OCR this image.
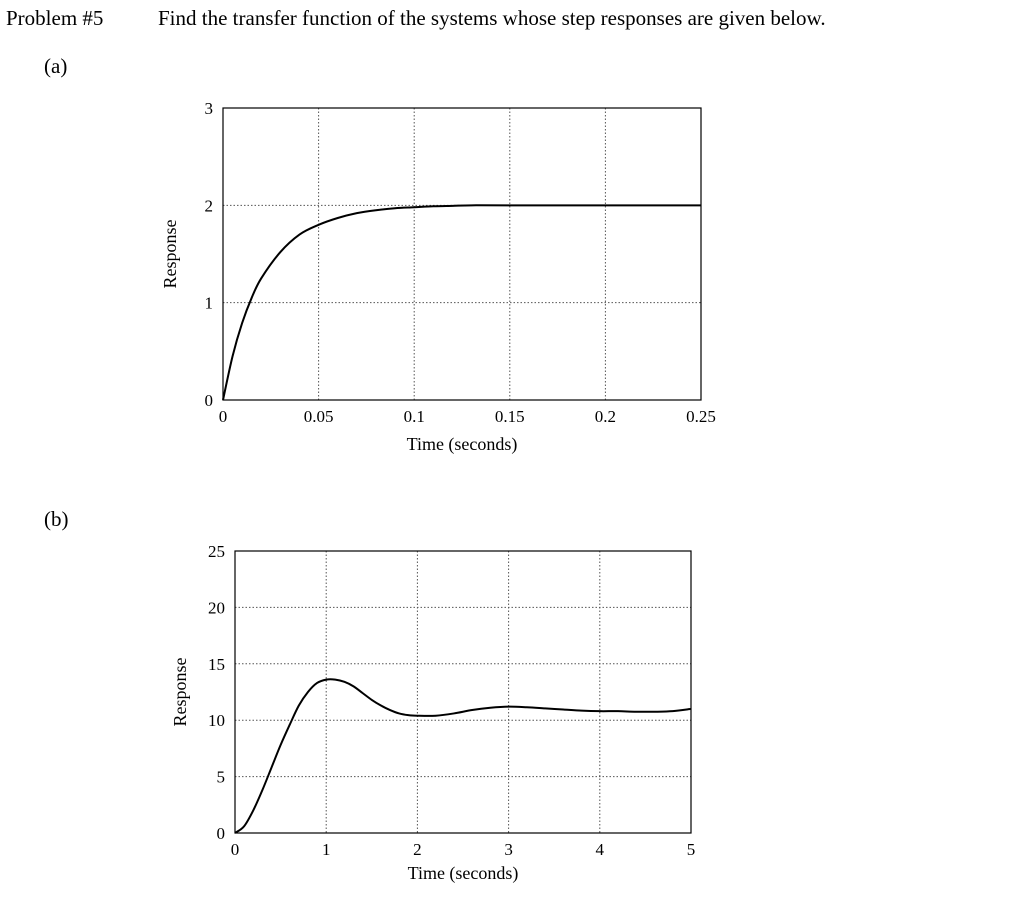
Problem #5	Find the transfer function of the systems whose step responses are given below.
(a)
(b)
0	0.05	0.1	0.15	0.2	0.25
0
1
2
3
Time (seconds)
Response
0	1	2	3	4	5
0
5
10
15
20
25
Time (seconds)
Response
